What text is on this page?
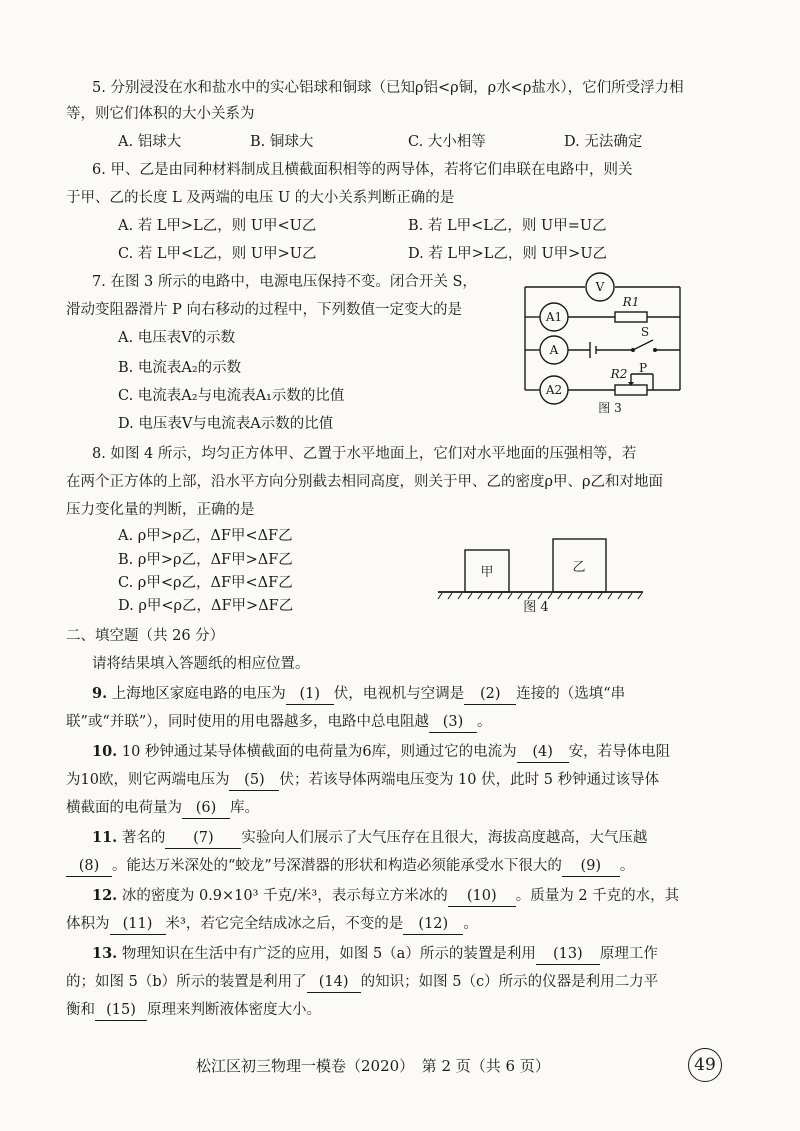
5. 分别浸没在水和盐水中的实心铝球和铜球（已知ρ铝<ρ铜，ρ水<ρ盐水），它们所受浮力相
等，则它们体积的大小关系为
A. 铝球大	B. 铜球大	C. 大小相等	D. 无法确定
6. 甲、乙是由同种材料制成且横截面积相等的两导体，若将它们串联在电路中，则关
于甲、乙的长度 L 及两端的电压 U 的大小关系判断正确的是
A. 若 L甲>L乙，则 U甲<U乙	B. 若 L甲<L乙，则 U甲=U乙
C. 若 L甲<L乙，则 U甲>U乙	D. 若 L甲>L乙，则 U甲>U乙
7. 在图 3 所示的电路中，电源电压保持不变。闭合开关 S，
滑动变阻器滑片 P 向右移动的过程中，下列数值一定变大的是
A. 电压表V的示数
B. 电流表A₂的示数
C. 电流表A₂与电流表A₁示数的比值
D. 电压表V与电流表A示数的比值
V
A1
A
A2
R1
R2
S
P
图 3
8. 如图 4 所示，均匀正方体甲、乙置于水平地面上，它们对水平地面的压强相等，若
在两个正方体的上部，沿水平方向分别截去相同高度，则关于甲、乙的密度ρ甲、ρ乙和对地面
压力变化量的判断，正确的是
A. ρ甲>ρ乙，ΔF甲<ΔF乙
B. ρ甲>ρ乙，ΔF甲>ΔF乙
C. ρ甲<ρ乙，ΔF甲<ΔF乙
D. ρ甲<ρ乙，ΔF甲>ΔF乙
甲	乙
图 4
二、填空题（共 26 分）
请将结果填入答题纸的相应位置。
9. 上海地区家庭电路的电压为 (1) 伏，电视机与空调是 (2) 连接的（选填“串
联”或“并联”），同时使用的用电器越多，电路中总电阻越 (3) 。
10. 10 秒钟通过某导体横截面的电荷量为6库，则通过它的电流为 (4) 安，若导体电阻
为10欧，则它两端电压为 (5) 伏；若该导体两端电压变为 10 伏，此时 5 秒钟通过该导体
横截面的电荷量为 (6) 库。
11. 著名的 (7) 实验向人们展示了大气压存在且很大，海拔高度越高，大气压越
(8) 。能达万米深处的“蛟龙”号深潜器的形状和构造必须能承受水下很大的 (9) 。
12. 冰的密度为 0.9×10³ 千克/米³，表示每立方米冰的 (10) 。质量为 2 千克的水，其
体积为 (11) 米³，若它完全结成冰之后，不变的是 (12) 。
13. 物理知识在生活中有广泛的应用，如图 5（a）所示的装置是利用 (13) 原理工作
的；如图 5（b）所示的装置是利用了 (14) 的知识；如图 5（c）所示的仪器是利用二力平
衡和 (15) 原理来判断液体密度大小。
松江区初三物理一模卷（2020）　第 2 页（共 6 页）	49
